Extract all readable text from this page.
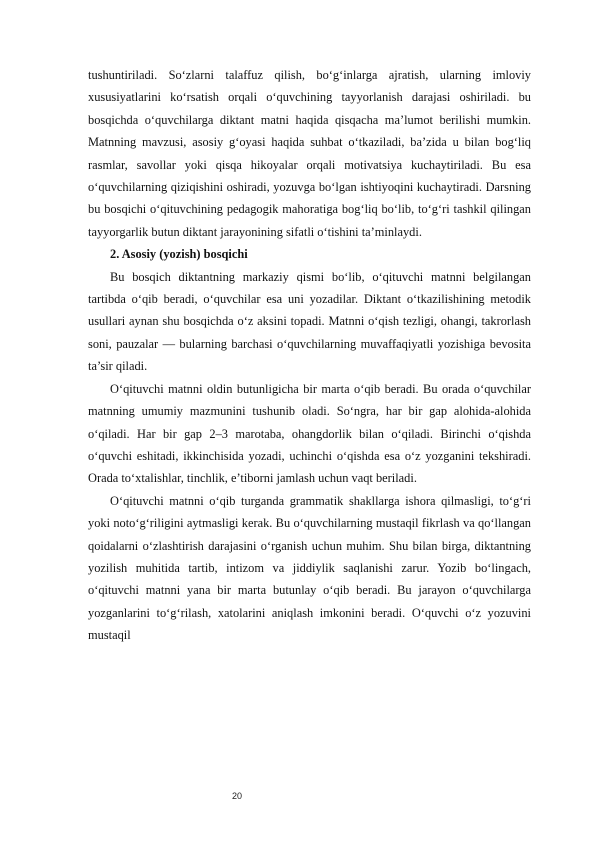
tushuntiriladi. So‘zlarni talaffuz qilish, bo‘g‘inlarga ajratish, ularning imloviy xususiyatlarini ko‘rsatish orqali o‘quvchining tayyorlanish darajasi oshiriladi. bu bosqichda o‘quvchilarga diktant matni haqida qisqacha ma’lumot berilishi mumkin. Matnning mavzusi, asosiy g‘oyasi haqida suhbat o‘tkaziladi, ba’zida u bilan bog‘liq rasmlar, savollar yoki qisqa hikoyalar orqali motivatsiya kuchaytiriladi. Bu esa o‘quvchilarning qiziqishini oshiradi, yozuvga bo‘lgan ishtiyoqini kuchaytiradi. Darsning bu bosqichi o‘qituvchining pedagogik mahoratiga bog‘liq bo‘lib, to‘g‘ri tashkil qilingan tayyorgarlik butun diktant jarayonining sifatli o‘tishini ta’minlaydi.

2. Asosiy (yozish) bosqichi

Bu bosqich diktantning markaziy qismi bo‘lib, o‘qituvchi matnni belgilangan tartibda o‘qib beradi, o‘quvchilar esa uni yozadilar. Diktant o‘tkazilishining metodik usullari aynan shu bosqichda o‘z aksini topadi. Matnni o‘qish tezligi, ohangi, takrorlash soni, pauzalar — bularning barchasi o‘quvchilarning muvaffaqiyatli yozishiga bevosita ta’sir qiladi.

O‘qituvchi matnni oldin butunligicha bir marta o‘qib beradi. Bu orada o‘quvchilar matnning umumiy mazmunini tushunib oladi. So‘ngra, har bir gap alohida-alohida o‘qiladi. Har bir gap 2–3 marotaba, ohangdorlik bilan o‘qiladi. Birinchi o‘qishda o‘quvchi eshitadi, ikkinchisida yozadi, uchinchi o‘qishda esa o‘z yozganini tekshiradi. Orada to‘xtalishlar, tinchlik, e’tiborni jamlash uchun vaqt beriladi.

O‘qituvchi matnni o‘qib turganda grammatik shakllarga ishora qilmasligi, to‘g‘ri yoki noto‘g‘riligini aytmasligi kerak. Bu o‘quvchilarning mustaqil fikrlash va qo‘llangan qoidalarni o‘zlashtirish darajasini o‘rganish uchun muhim. Shu bilan birga, diktantning yozilish muhitida tartib, intizom va jiddiylik saqlanishi zarur. Yozib bo‘lingach, o‘qituvchi matnni yana bir marta butunlay o‘qib beradi. Bu jarayon o‘quvchilarga yozganlarini to‘g‘rilash, xatolarini aniqlash imkonini beradi. O‘quvchi o‘z yozuvini mustaqil

20
